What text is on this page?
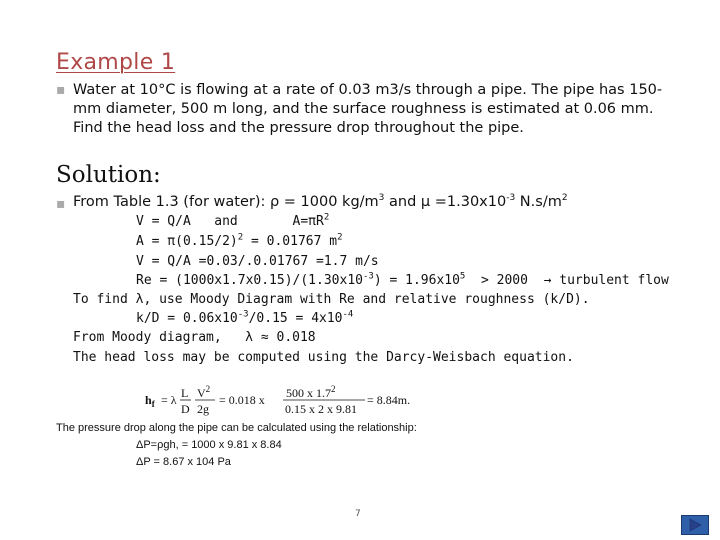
Example 1
▪ Water at 10°C is flowing at a rate of 0.03 m3/s through a pipe. The pipe has 150-mm diameter, 500 m long, and the surface roughness is estimated at 0.06 mm. Find the head loss and the pressure drop throughout the pipe.
Solution:
▪ From Table 1.3 (for water): ρ = 1000 $kg/m^3$ and $\mu =1.30x10^{-3}$ $N.s/m^2$
V = Q/A   and       $A=\pi R^2$
$A = \pi(0.15/2)^2 = 0.01767$ $m^2$
V = Q/A =0.03/.0.01767 =1.7 m/s
$Re = (1000x1.7x0.15)/(1.30x10^{-3}) = 1.96x10^5 > 2000$  → turbulent flow
To find λ, use Moody Diagram with Re and relative roughness (k/D).
$k/D = 0.06x10^{-3}/0.15 = 4x10^{-4}$
From Moody diagram,   λ ≈ 0.018
The head loss may be computed using the Darcy-Weisbach equation.
$h_f = \lambda$ L
D
$V^2$
2g
= 0.018 x 500 x $1.7^2$
0.15 x 2 x 9.81
= 8.84m.
The pressure drop along the pipe can be calculated using the relationship:
ΔP=ρgh, = 1000 x 9.81 x 8.84
ΔP = 8.67 x 104 Pa
7
